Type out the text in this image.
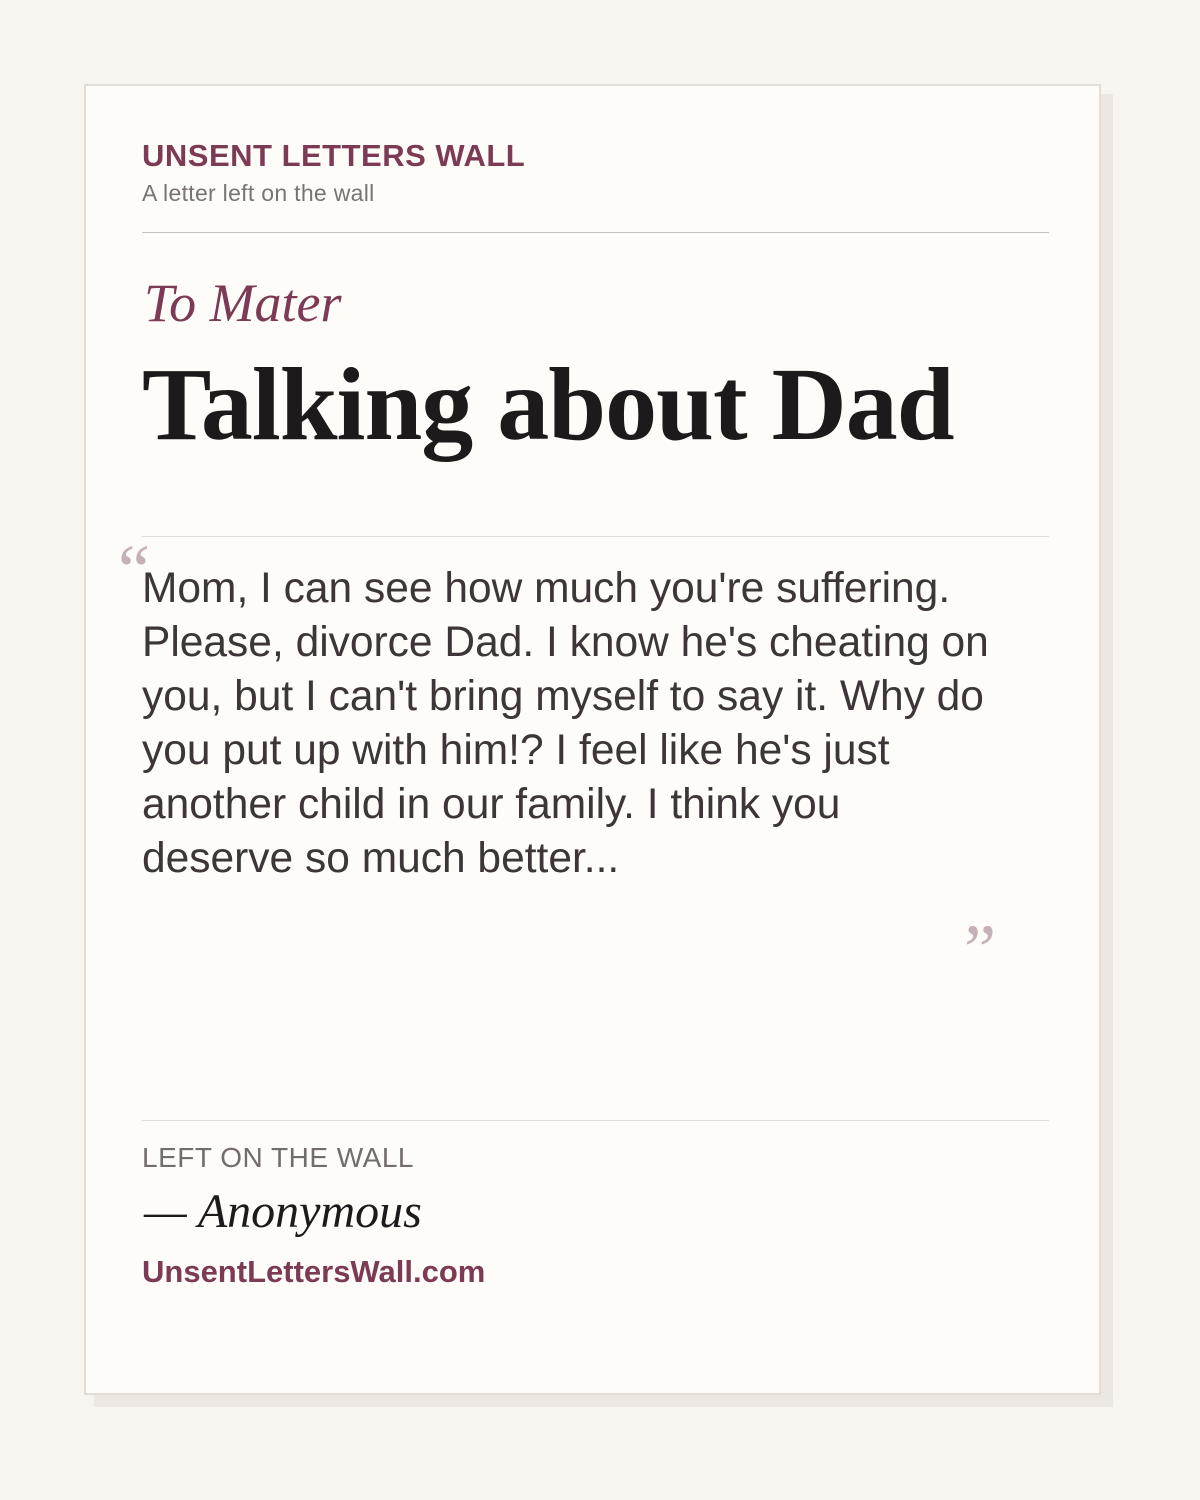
UNSENT LETTERS WALL
A letter left on the wall
To Mater
Talking about Dad
“

Mom, I can see how much you're suffering. Please, divorce Dad. I know he's cheating on you, but I can't bring myself to say it. Why do you put up with him!? I feel like he's just another child in our family. I think you deserve so much better...

”
LEFT ON THE WALL
— Anonymous
UnsentLettersWall.com
